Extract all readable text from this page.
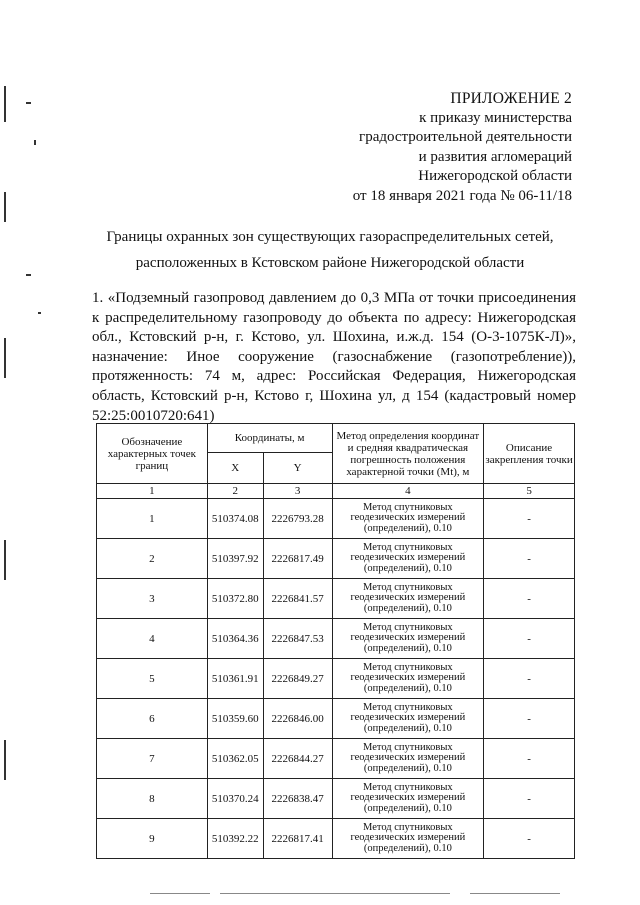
ПРИЛОЖЕНИЕ 2
к приказу министерства
градостроительной деятельности
и развития агломераций
Нижегородской области
от 18 января 2021 года № 06-11/18
Границы охранных зон существующих газораспределительных сетей,
расположенных в Кстовском районе Нижегородской области
1. «Подземный газопровод давлением до 0,3 МПа от точки присоединения к распределительному газопроводу до объекта по адресу: Нижегородская обл., Кстовский р-н, г. Кстово, ул. Шохина, и.ж.д. 154 (О-3-1075К-Л)», назначение: Иное сооружение (газоснабжение (газопотребление)), протяженность: 74 м, адрес: Российская Федерация, Нижегородская область, Кстовский р-н, Кстово г, Шохина ул, д 154 (кадастровый номер 52:25:0010720:641)
Обозначение характерных точек границ	Координаты, м		Метод определения координат и средняя квадратическая погрешность положения характерной точки (Mt), м	Описание закрепления точки
	X	Y		
1	2	3	4	5
1	510374.08	2226793.28	Метод спутниковых геодезических измерений (определений), 0.10	-
2	510397.92	2226817.49	Метод спутниковых геодезических измерений (определений), 0.10	-
3	510372.80	2226841.57	Метод спутниковых геодезических измерений (определений), 0.10	-
4	510364.36	2226847.53	Метод спутниковых геодезических измерений (определений), 0.10	-
5	510361.91	2226849.27	Метод спутниковых геодезических измерений (определений), 0.10	-
6	510359.60	2226846.00	Метод спутниковых геодезических измерений (определений), 0.10	-
7	510362.05	2226844.27	Метод спутниковых геодезических измерений (определений), 0.10	-
8	510370.24	2226838.47	Метод спутниковых геодезических измерений (определений), 0.10	-
9	510392.22	2226817.41	Метод спутниковых геодезических измерений (определений), 0.10	-
